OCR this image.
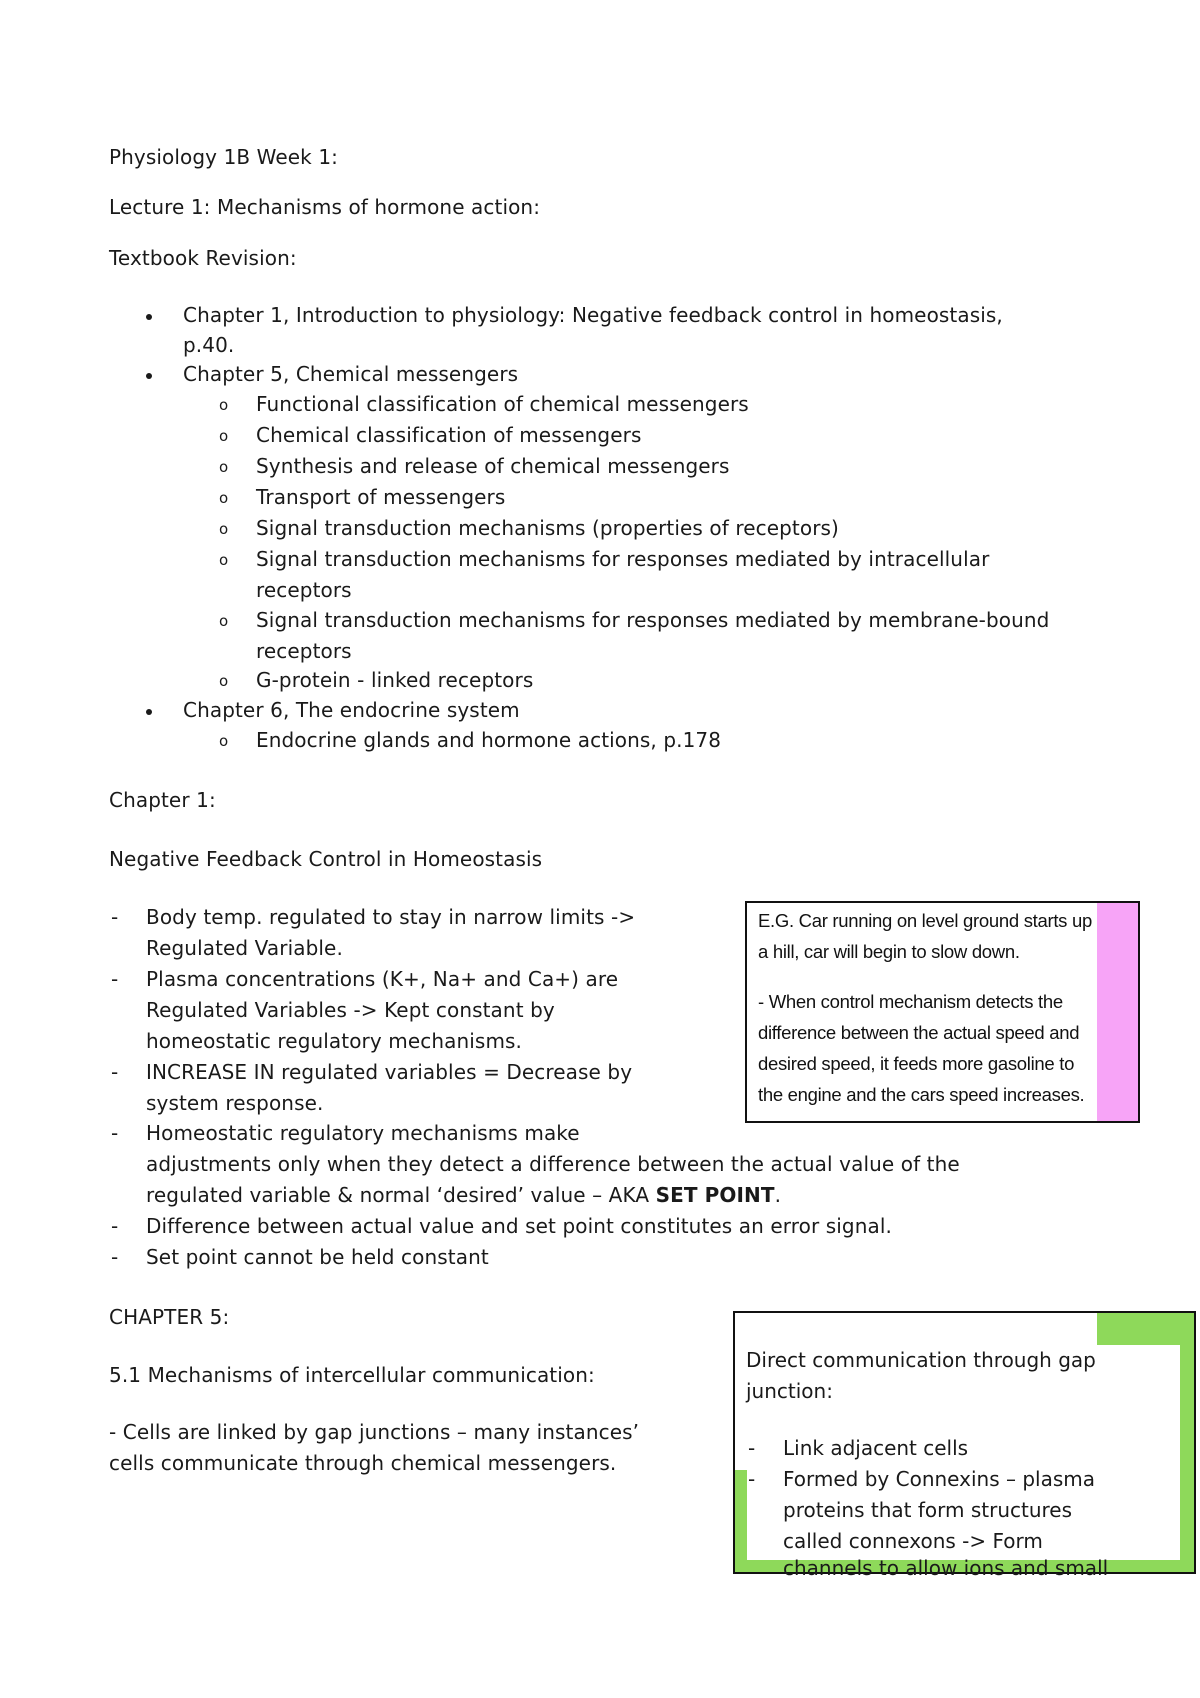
Physiology 1B Week 1:
Lecture 1: Mechanisms of hormone action:
Textbook Revision:
Chapter 1, Introduction to physiology: Negative feedback control in homeostasis,
p.40.
Chapter 5, Chemical messengers
o Functional classification of chemical messengers
o Chemical classification of messengers
o Synthesis and release of chemical messengers
o Transport of messengers
o Signal transduction mechanisms (properties of receptors)
o Signal transduction mechanisms for responses mediated by intracellular
receptors
o Signal transduction mechanisms for responses mediated by membrane-bound
receptors
o G-protein - linked receptors
Chapter 6, The endocrine system
o Endocrine glands and hormone actions, p.178
Chapter 1:
Negative Feedback Control in Homeostasis
- Body temp. regulated to stay in narrow limits ->
Regulated Variable.
- Plasma concentrations (K+, Na+ and Ca+) are
Regulated Variables -> Kept constant by
homeostatic regulatory mechanisms.
- INCREASE IN regulated variables = Decrease by
system response.
- Homeostatic regulatory mechanisms make
adjustments only when they detect a difference between the actual value of the
regulated variable & normal ‘desired’ value – AKA SET POINT.
- Difference between actual value and set point constitutes an error signal.
- Set point cannot be held constant
E.G. Car running on level ground starts up
a hill, car will begin to slow down.
- When control mechanism detects the
difference between the actual speed and
desired speed, it feeds more gasoline to
the engine and the cars speed increases.
CHAPTER 5:
5.1 Mechanisms of intercellular communication:
- Cells are linked by gap junctions – many instances’
cells communicate through chemical messengers.
Direct communication through gap
junction:
- Link adjacent cells
- Formed by Connexins – plasma
proteins that form structures
called connexons -> Form
channels to allow ions and small
